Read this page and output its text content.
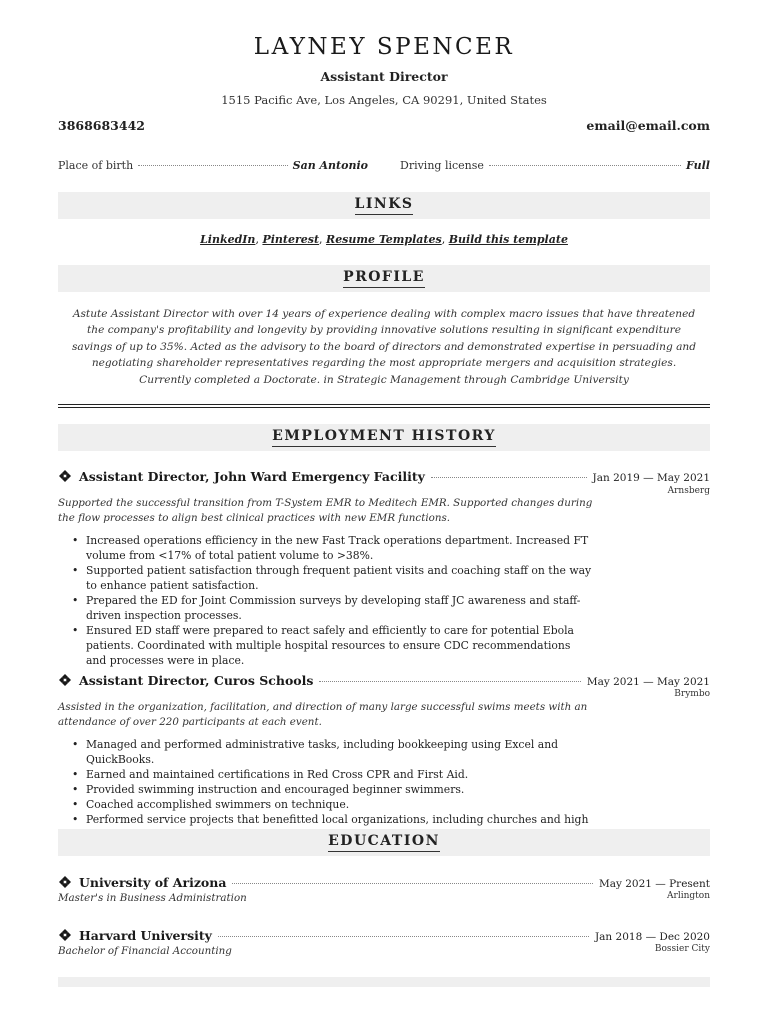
LAYNEY SPENCER
Assistant Director
1515 Pacific Ave, Los Angeles, CA 90291, United States
3868683442	email@email.com
Place of birth	San Antonio	Driving license	Full
LINKS
LinkedIn, Pinterest, Resume Templates, Build this template
PROFILE
Astute Assistant Director with over 14 years of experience dealing with complex macro issues that have threatened the company's profitability and longevity by providing innovative solutions resulting in significant expenditure savings of up to 35%. Acted as the advisory to the board of directors and demonstrated expertise in persuading and negotiating shareholder representatives regarding the most appropriate mergers and acquisition strategies. Currently completed a Doctorate. in Strategic Management through Cambridge University
EMPLOYMENT HISTORY
Assistant Director, John Ward Emergency Facility	Jan 2019 — May 2021
Arnsberg
Supported the successful transition from T-System EMR to Meditech EMR. Supported changes during the flow processes to align best clinical practices with new EMR functions.
• Increased operations efficiency in the new Fast Track operations department. Increased FT volume from <17% of total patient volume to >38%.
• Supported patient satisfaction through frequent patient visits and coaching staff on the way to enhance patient satisfaction.
• Prepared the ED for Joint Commission surveys by developing staff JC awareness and staff-driven inspection processes.
• Ensured ED staff were prepared to react safely and efficiently to care for potential Ebola patients. Coordinated with multiple hospital resources to ensure CDC recommendations and processes were in place.
Assistant Director, Curos Schools	May 2021 — May 2021
Brymbo
Assisted in the organization, facilitation, and direction of many large successful swims meets with an attendance of over 220 participants at each event.
• Managed and performed administrative tasks, including bookkeeping using Excel and QuickBooks.
• Earned and maintained certifications in Red Cross CPR and First Aid.
• Provided swimming instruction and encouraged beginner swimmers.
• Coached accomplished swimmers on technique.
• Performed service projects that benefitted local organizations, including churches and high
EDUCATION
University of Arizona	May 2021 — Present
Arlington
Master's in Business Administration
Harvard University	Jan 2018 — Dec 2020
Bossier City
Bachelor of Financial Accounting
